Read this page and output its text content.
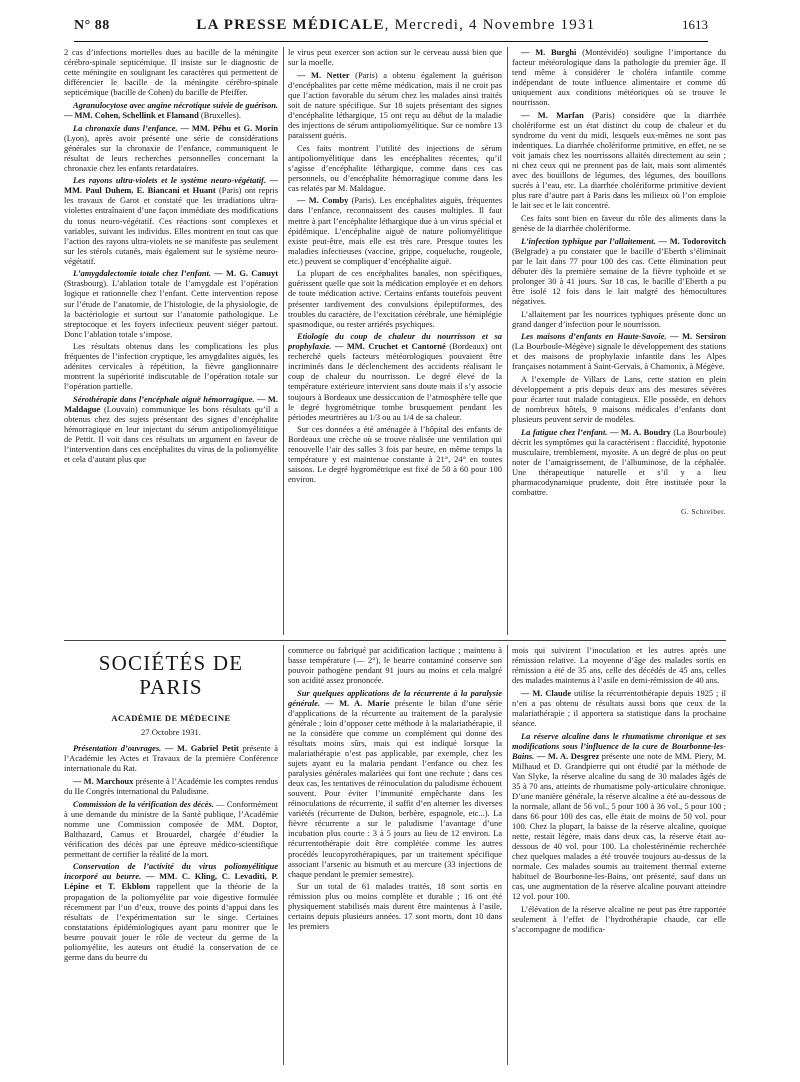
N° 88	LA PRESSE MÉDICALE, Mercredi, 4 Novembre 1931	1613

2 cas d’infections mortelles dues au bacille de la méningite cérébro-spinale septicémique. Il insiste sur le diagnostic de cette méningite en soulignant les caractères qui permettent de différencier le bacille de la méningite cérébro-spinale septicémique (bacille de Cohen) du bacille de Pfeiffer.

Agranulocytose avec angine nécrotique suivie de guérison. — MM. Cohen, Schellink et Flamand (Bruxelles).

La chronaxie dans l’enfance. — MM. Péhu et G. Morin (Lyon), après avoir présenté une série de considérations générales sur la chronaxie de l’enfance, communiquent le résultat de leurs recherches personnelles concernant la chronaxie chez les enfants retardataires.

Les rayons ultra-violets et le système neuro-végétatif. — MM. Paul Duhem, E. Biancani et Huant (Paris) ont repris les travaux de Garot et constaté que les irradiations ultra-violettes entraînaient d’une façon immédiate des modifications du tonus neuro-végétatif. Ces réactions sont complexes et variables, suivant les individus. Elles montrent en tout cas que l’action des rayons ultra-violets ne se manifeste pas seulement sur les stérols cutanés, mais également sur le système neuro-végétatif.

L’amygdalectomie totale chez l’enfant. — M. G. Canuyt (Strasbourg). L’ablation totale de l’amygdale est l’opération logique et rationnelle chez l’enfant. Cette intervention repose sur l’étude de l’anatomie, de l’histologie, de la physiologie, de la bactériologie et surtout sur l’anatomie pathologique. Le streptocoque et les foyers infectieux peuvent siéger partout. Donc l’ablation totale s’impose.

Les résultats obtenus dans les complications les plus fréquentes de l’infection cryptique, les amygdalites aiguës, les adénites cervicales à répétition, la fièvre ganglionnaire montrent la supériorité indiscutable de l’opération totale sur l’opération partielle.

Sérothérapie dans l’encéphale aiguë hémorragique. — M. Maldague (Louvain) communique les bons résultats qu’il a obtenus chez des sujets présentant des signes d’encéphalite hémorragique en leur injectant du sérum antipoliomyélitique de Pettit. Il voit dans ces résultats un argument en faveur de l’intervention dans ces encéphalites du virus de la poliomyélite et cela d’autant plus que

le virus peut exercer son action sur le cerveau aussi bien que sur la moelle.

— M. Netter (Paris) a obtenu également la guérison d’encéphalites par cette même médication, mais il ne croit pas que l’action favorable du sérum chez les malades ainsi traités soit de nature spécifique. Sur 18 sujets présentant des signes d’encéphalite léthargique, 15 ont reçu au début de la maladie des injections de sérum antipoliomyélitique. Sur ce nombre 13 paraissent guéris.

Ces faits montrent l’utilité des injections de sérum antipoliomyélitique dans les encéphalites récentes, qu’il s’agisse d’encéphalite léthargique, comme dans ces cas personnels, ou d’encéphalite hémorragique comme dans les cas relatés par M. Maldague.

— M. Comby (Paris). Les encéphalites aiguës, fréquentes dans l’enfance, reconnaissent des causes multiples. Il faut mettre à part l’encéphalite léthargique due à un virus spécial et épidémique. L’encéphalite aiguë de nature poliomyélitique existe peut-être, mais elle est très rare. Presque toutes les maladies infectieuses (vaccine, grippe, coqueluche, rougeole, etc.) peuvent se compliquer d’encéphalite aiguë.

La plupart de ces encéphalites banales, non spécifiques, guérissent quelle que soit la médication employée et en dehors de toute médication active. Certains enfants toutefois peuvent présenter tardivement des convulsions épileptiformes, des troubles du caractère, de l’excitation cérébrale, une hémiplégie spasmodique, ou rester arriérés psychiques.

Etiologie du coup de chaleur du nourrisson et sa prophylaxie. — MM. Cruchet et Cantorné (Bordeaux) ont recherché quels facteurs météorologiques pouvaient être incriminés dans le déclenchement des accidents réalisant le coup de chaleur du nourrisson. Le degré élevé de la température extérieure intervient sans doute mais il s’y associe toujours à Bordeaux une dessiccation de l’atmosphère telle que le degré hygrométrique tombe brusquement pendant les périodes meurtrières au 1/3 ou au 1/4 de sa chaleur.

Sur ces données a été aménagée à l’hôpital des enfants de Bordeaux une crèche où se trouve réalisée une ventilation qui renouvelle l’air des salles 3 fois par heure, en même temps la température y est maintenue constante à 21°, 24° en toutes saisons. Le degré hygrométrique est fixé de 50 à 60 pour 100 environ.

— M. Burghi (Montévidéo) souligne l’importance du facteur météorologique dans la pathologie du premier âge. Il tend même à considérer le choléra infantile comme indépendant de toute influence alimentaire et comme dû uniquement aux conditions météoriques où se trouve le nourrisson.

— M. Marfan (Paris) considère que la diarrhée cholériforme est un état distinct du coup de chaleur et du syndrome du vent du midi, lesquels eux-mêmes ne sont pas indentiques. La diarrhée cholériforme primitive, en effet, ne se voit jamais chez les nourrissons allaités directement au sein ; ni chez ceux qui ne prennent pas de lait, mais sont alimentés avec des bouillons de légumes, des légumes, des bouillons sucrés à l’eau, etc. La diarrhée cholériforme primitive devient plus rare d’autre part à Paris dans les milieux où l’on emploie le lait sec et le lait concentré.

Ces faits sont bien en faveur du rôle des aliments dans la genèse de la diarrhée cholériforme.

L’infection typhique par l’allaitement. — M. Todorovitch (Belgrade) a pu constater que le bacille d’Eberth s’éliminait par le lait dans 77 pour 100 des cas. Cette élimination peut débuter dès la première semaine de la fièvre typhoïde et se prolonger 30 à 41 jours. Sur 18 cas, le bacille d’Eberth a pu être isolé 12 fois dans le lait malgré des hémocultures négatives.

L’allaitement par les nourrices typhiques présente donc un grand danger d’infection pour le nourrisson.

Les maisons d’enfants en Haute-Savoie. — M. Sersiron (La Bourboule-Mégève) signale le développement des stations et des maisons de prophylaxie infantile dans les Alpes françaises notamment à Saint-Gervais, à Chamonix, à Mégève.

A l’exemple de Villars de Lans, cette station en plein développement a pris depuis deux ans des mesures sévères pour écarter tout malade contagieux. Elle possède, en dehors de nombreux hôtels, 9 maisons médicales d’enfants dont plusieurs peuvent servir de modèles.

La fatigue chez l’enfant. — M. A. Boudry (La Bourboule) décrit les symptômes qui la caractérisent : flaccidité, hypotonie musculaire, tremblement, myosite. A un degré de plus on peut noter de l’amaigrissement, de l’albuminose, de la céphalée. Une thérapeutique naturelle et s’il y a lieu pharmacodynamique prudente, doit être instituée pour la combattre.

G. Schreiber.
SOCIÉTÉS DE PARIS
ACADÉMIE DE MÉDECINE
27 Octobre 1931.

Présentation d’ouvrages. — M. Gabriel Petit présente à l’Académie les Actes et Travaux de la première Conférence internationale du Rat.

— M. Marchoux présente à l’Académie les comptes rendus du IIe Congrès international du Paludisme.

Commission de la vérification des décès. — Conformément à une demande du ministre de la Santé publique, l’Académie nomme une Commission composée de MM. Doptor, Balthazard, Camus et Brouardel, chargée d’étudier la vérification des décès par une épreuve médico-scientifique permettant de certifier la réalité de la mort.

Conservation de l’activité du virus poliomyélitique incorporé au beurre. — MM. C. Kling, C. Levaditi, P. Lépine et T. Ekblom rappellent que la théorie de la propagation de la poliomyélite par voie digestive formulée récemment par l’un d’eux, trouve des points d’appui dans les résultats de l’expérimentation sur le singe. Certaines constatations épidémiologiques ayant paru montrer que le beurre pouvait jouer le rôle de vecteur du germe de la poliomyélite, les auteurs ont étudié la conservation de ce germe dans du beurre du

commerce ou fabriqué par acidification lactique ; maintenu à basse température (— 2°), le beurre contaminé conserve son pouvoir pathogène pendant 91 jours au moins et cela malgré son acidité assez prononcée.

Sur quelques applications de la récurrente à la paralysie générale. — M. A. Marie présente le bilan d’une série d’applications de la récurrente au traitement de la paralysie générale ; loin d’opposer cette méthode à la malariathérapie, il ne la considère que comme un complément qui donne des résultats moins sûrs, mais qui est indiqué lorsque la malariathérapie n’est pas applicable, par exemple, chez les sujets ayant eu la malaria pendant l’enfance ou chez les paralysies générales malariées qui font une rechute ; dans ces deux cas, les tentatives de réinoculation du paludisme échouent souvent. Pour éviter l’immunité empêchante dans les réinoculations de récurrente, il suffit d’en alterner les diverses variétés (récurrente de Dulton, berbère, espagnole, etc...). La fièvre récurrente a sur le paludisme l’avantage d’une incubation plus courte : 3 à 5 jours au lieu de 12 environ. La récurrentothérapie doit être complétée comme les autres procédés leucopyrothérapiques, par un traitement spécifique associant l’arsenic au bismuth et au mercure (33 injections de chaque pendant le premier semestre).

Sur un total de 61 malades traités, 18 sont sortis en rémission plus ou moins complète et durable ; 16 ont été physiquement stabilisés mais durent être maintenus à l’asile, certains depuis plusieurs années. 17 sont morts, dont 10 dans les premiers

mois qui suivirent l’inoculation et les autres après une rémission relative. La moyenne d’âge des malades sortis en rémission a été de 35 ans, celle des décédés de 45 ans, celles des malades maintenus à l’asile en demi-rémission de 40 ans.

— M. Claude utilise la récurrentothérapie depuis 1925 ; il n’en a pas obtenu de résultats aussi bons que ceux de la malariathérapie ; il apportera sa statistique dans la prochaine séance.

La réserve alcaline dans le rhumatisme chronique et ses modifications sous l’influence de la cure de Bourbonne-les-Bains. — M. A. Desgrez présente une note de MM. Piery, M. Milhaud et D. Grandpierre qui ont étudié par la méthode de Van Slyke, la réserve alcaline du sang de 30 malades âgés de 35 à 70 ans, atteints de rhumatisme poly-articulaire chronique. D’une manière générale, la réserve alcaline a été au-dessous de la normale, allant de 56 vol., 5 pour 100 à 36 vol., 5 pour 100 ; dans 66 pour 100 des cas, elle était de moins de 50 vol. pour 100. Chez la plupart, la baisse de la réserve alcaline, quoique nette, restait légère, mais dans deux cas, la réserve était au-dessous de 40 vol. pour 100. La cholestérinémie recherchée chez quelques malades a été trouvée toujours au-dessus de la normale. Ces malades soumis au traitement thermal externe habituel de Bourbonne-les-Bains, ont présenté, sauf dans un cas, une augmentation de la réserve alcaline pouvant atteindre 12 vol. pour 100.

L’élévation de la réserve alcaline ne peut pas être rapportée seulement à l’effet de l’hydrothérapie chaude, car elle s’accompagne de modifica-
